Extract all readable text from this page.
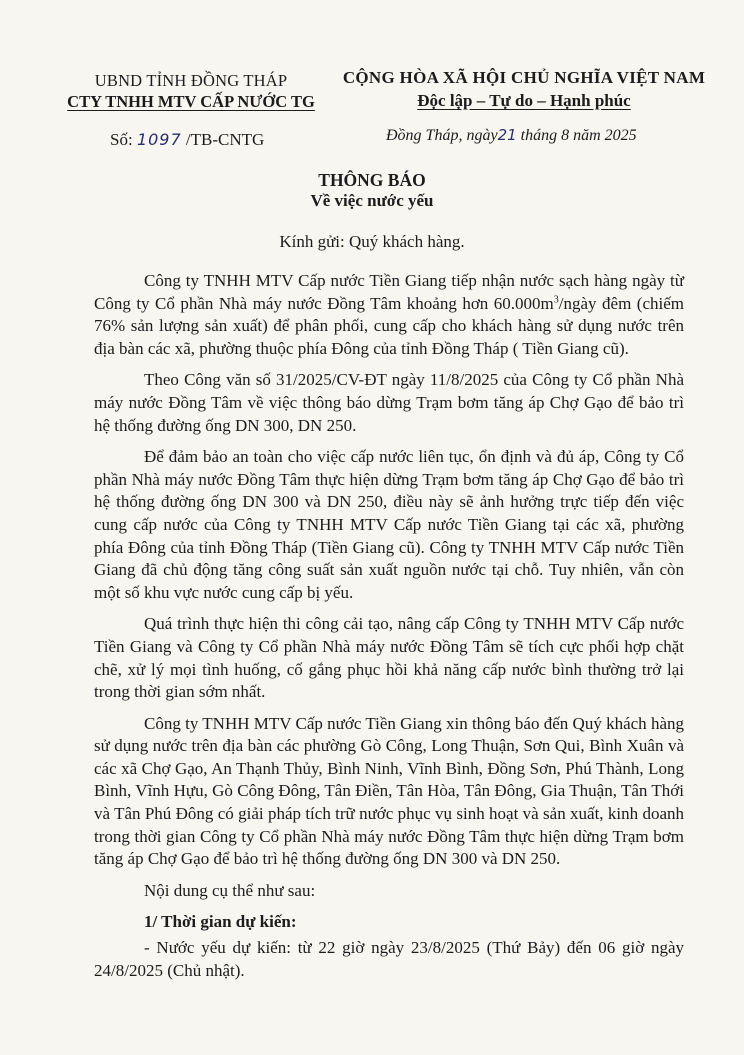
UBND TỈNH ĐỒNG THÁP
CTY TNHH MTV CẤP NƯỚC TG
CỘNG HÒA XÃ HỘI CHỦ NGHĨA VIỆT NAM
Độc lập – Tự do – Hạnh phúc
Số: 1097 /TB-CNTG	Đồng Tháp, ngày21 tháng 8 năm 2025
THÔNG BÁO
Về việc nước yếu
Kính gửi: Quý khách hàng.

Công ty TNHH MTV Cấp nước Tiền Giang tiếp nhận nước sạch hàng ngày từ Công ty Cổ phần Nhà máy nước Đồng Tâm khoảng hơn $60.000m^3$/ngày đêm (chiếm 76% sản lượng sản xuất) để phân phối, cung cấp cho khách hàng sử dụng nước trên địa bàn các xã, phường thuộc phía Đông của tỉnh Đồng Tháp ( Tiền Giang cũ).

Theo Công văn số 31/2025/CV-ĐT ngày 11/8/2025 của Công ty Cổ phần Nhà máy nước Đồng Tâm về việc thông báo dừng Trạm bơm tăng áp Chợ Gạo để bảo trì hệ thống đường ống DN 300, DN 250.

Để đảm bảo an toàn cho việc cấp nước liên tục, ổn định và đủ áp, Công ty Cổ phần Nhà máy nước Đồng Tâm thực hiện dừng Trạm bơm tăng áp Chợ Gạo để bảo trì hệ thống đường ống DN 300 và DN 250, điều này sẽ ảnh hưởng trực tiếp đến việc cung cấp nước của Công ty TNHH MTV Cấp nước Tiền Giang tại các xã, phường phía Đông của tỉnh Đồng Tháp (Tiền Giang cũ). Công ty TNHH MTV Cấp nước Tiền Giang đã chủ động tăng công suất sản xuất nguồn nước tại chỗ. Tuy nhiên, vẫn còn một số khu vực nước cung cấp bị yếu.

Quá trình thực hiện thi công cải tạo, nâng cấp Công ty TNHH MTV Cấp nước Tiền Giang và Công ty Cổ phần Nhà máy nước Đồng Tâm sẽ tích cực phối hợp chặt chẽ, xử lý mọi tình huống, cố gắng phục hồi khả năng cấp nước bình thường trở lại trong thời gian sớm nhất.

Công ty TNHH MTV Cấp nước Tiền Giang xin thông báo đến Quý khách hàng sử dụng nước trên địa bàn các phường Gò Công, Long Thuận, Sơn Qui, Bình Xuân và các xã Chợ Gạo, An Thạnh Thủy, Bình Ninh, Vĩnh Bình, Đồng Sơn, Phú Thành, Long Bình, Vĩnh Hựu, Gò Công Đông, Tân Điền, Tân Hòa, Tân Đông, Gia Thuận, Tân Thới và Tân Phú Đông có giải pháp tích trữ nước phục vụ sinh hoạt và sản xuất, kinh doanh trong thời gian Công ty Cổ phần Nhà máy nước Đồng Tâm thực hiện dừng Trạm bơm tăng áp Chợ Gạo để bảo trì hệ thống đường ống DN 300 và DN 250.

Nội dung cụ thể như sau:

1/ Thời gian dự kiến:

- Nước yếu dự kiến: từ 22 giờ ngày 23/8/2025 (Thứ Bảy) đến 06 giờ ngày 24/8/2025 (Chủ nhật).
